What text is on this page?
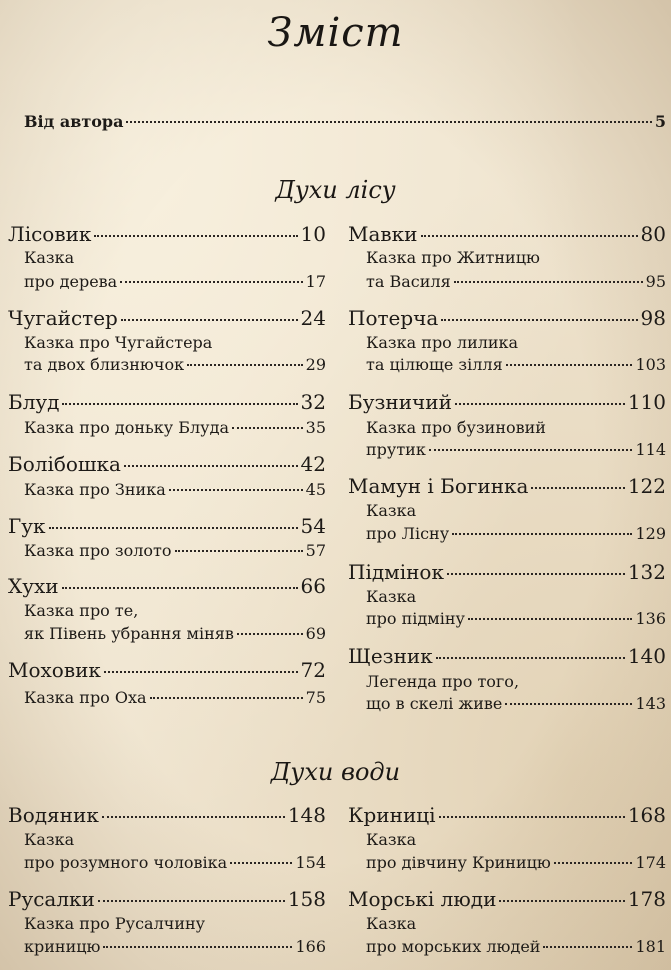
Зміст
Від автора	5
Духи лісу
Лісовик	10
Казка
про дерева	17
Чугайстер	24
Казка про Чугайстера
та двох близнючок	29
Блуд	32
Казка про доньку Блуда	35
Болібошка	42
Казка про Зника	45
Гук	54
Казка про золото	57
Хухи	66
Казка про те,
як Півень убрання міняв	69
Моховик	72
Казка про Оха	75
Мавки	80
Казка про Житницю
та Василя	95
Потерча	98
Казка про лилика
та цілюще зілля	103
Бузничий	110
Казка про бузиновий
прутик	114
Мамун і Богинка	122
Казка
про Лісну	129
Підмінок	132
Казка
про підміну	136
Щезник	140
Легенда про того,
що в скелі живе	143
Духи води
Водяник	148
Казка
про розумного чоловіка	154
Русалки	158
Казка про Русалчину
криницю	166
Криниці	168
Казка
про дівчину Криницю	174
Морські люди	178
Казка
про морських людей	181
